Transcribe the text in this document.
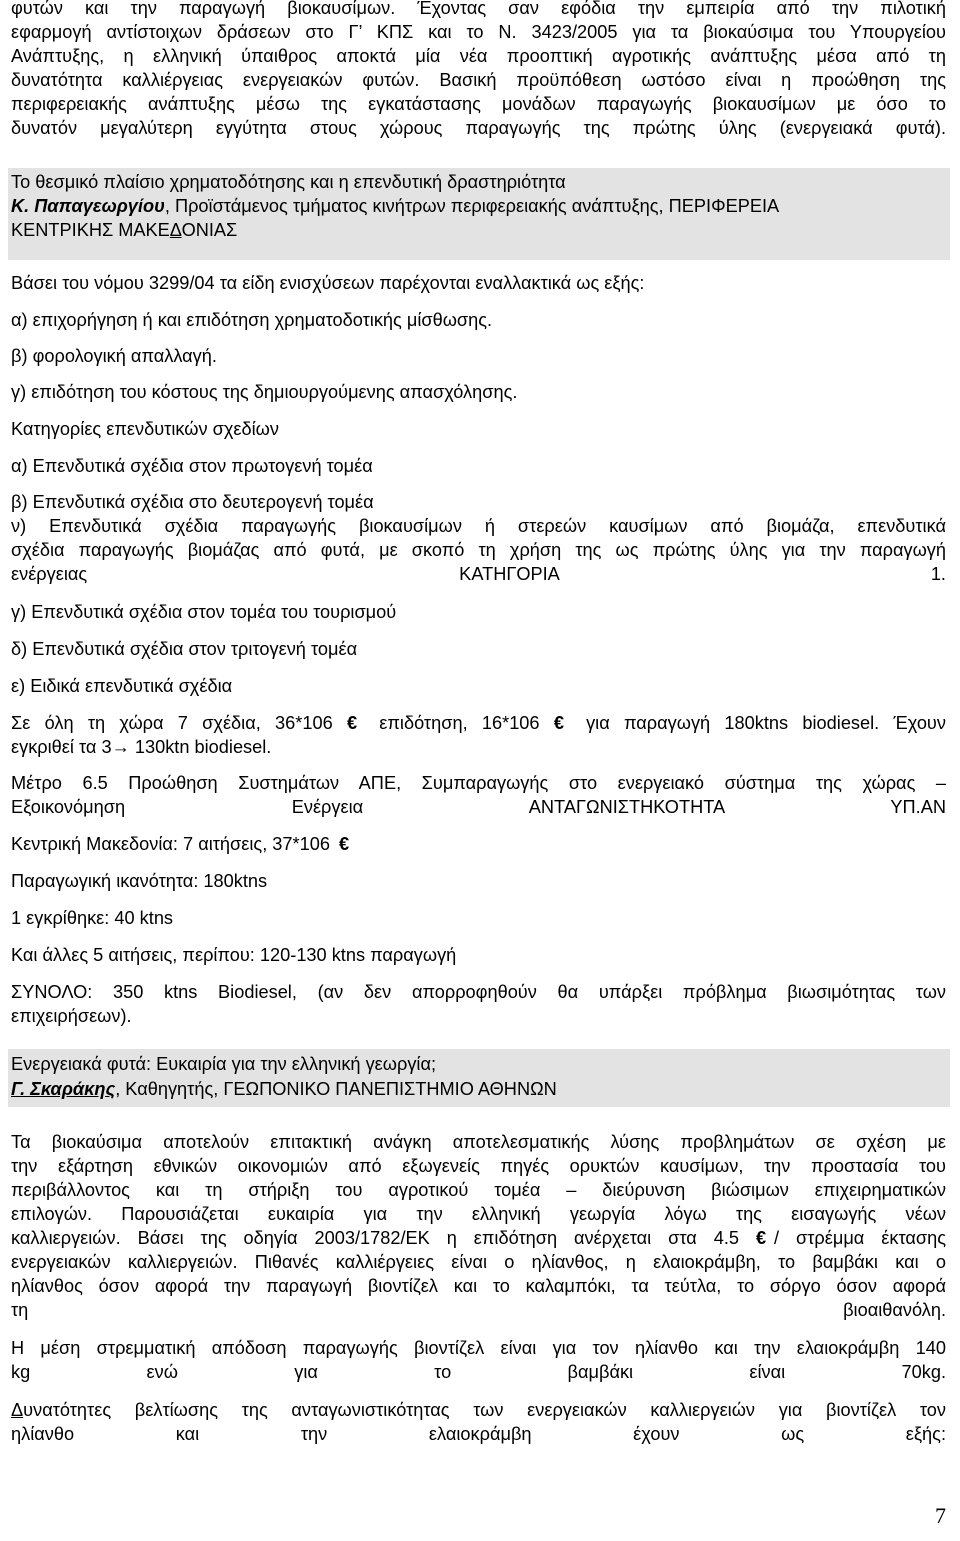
φυτών και την παραγωγή βιοκαυσίμων. Έχοντας σαν εφόδια την εμπειρία από την πιλοτική
εφαρμογή αντίστοιχων δράσεων στο Γ’ ΚΠΣ και το Ν. 3423/2005 για τα βιοκαύσιμα του Υπουργείου
Ανάπτυξης, η ελληνική ύπαιθρος αποκτά μία νέα προοπτική αγροτικής ανάπτυξης μέσα από τη
δυνατότητα καλλιέργειας ενεργειακών φυτών. Βασική προϋπόθεση ωστόσο είναι η προώθηση της
περιφερειακής ανάπτυξης μέσω της εγκατάστασης μονάδων παραγωγής βιοκαυσίμων με όσο το
δυνατόν μεγαλύτερη εγγύτητα στους χώρους παραγωγής της πρώτης ύλης (ενεργειακά φυτά).

Το θεσμικό πλαίσιο χρηματοδότησης και η επενδυτική δραστηριότητα

Κ. Παπαγεωργίου, Προϊστάμενος τμήματος κινήτρων περιφερειακής ανάπτυξης, ΠΕΡΙΦΕΡΕΙΑ
ΚΕΝΤΡΙΚΗΣ ΜΑΚΕΔΟΝΙΑΣ

Βάσει του νόμου 3299/04 τα είδη ενισχύσεων παρέχονται εναλλακτικά ως εξής:

α) επιχορήγηση ή και επιδότηση χρηματοδοτικής μίσθωσης.

β) φορολογική απαλλαγή.

γ) επιδότηση του κόστους της δημιουργούμενης απασχόλησης.

Κατηγορίες επενδυτικών σχεδίων

α) Επενδυτικά σχέδια στον πρωτογενή τομέα

β) Επενδυτικά σχέδια στο δευτερογενή τομέα

ν) Επενδυτικά σχέδια παραγωγής βιοκαυσίμων ή στερεών καυσίμων από βιομάζα, επενδυτικά
σχέδια παραγωγής βιομάζας από φυτά, με σκοπό τη χρήση της ως πρώτης ύλης για την παραγωγή
ενέργειας ΚΑΤΗΓΟΡΙΑ 1.

γ) Επενδυτικά σχέδια στον τομέα του τουρισμού

δ) Επενδυτικά σχέδια στον τριτογενή τομέα

ε) Ειδικά επενδυτικά σχέδια

Σε όλη τη χώρα 7 σχέδια, 36*106 € επιδότηση, 16*106 € για παραγωγή 180ktns biodiesel. Έχουν
εγκριθεί τα 3→ 130ktn biodiesel.

Μέτρο 6.5 Προώθηση Συστημάτων ΑΠΕ, Συμπαραγωγής στο ενεργειακό σύστημα της χώρας –
Εξοικονόμηση Ενέργεια ΑΝΤΑΓΩΝΙΣΤΗΚΟΤΗΤΑ ΥΠ.ΑΝ

Κεντρική Μακεδονία: 7 αιτήσεις, 37*106 €

Παραγωγική ικανότητα: 180ktns

1 εγκρίθηκε: 40 ktns

Και άλλες 5 αιτήσεις, περίπου: 120-130 ktns παραγωγή

ΣΥΝΟΛΟ: 350 ktns Biodiesel, (αν δεν απορροφηθούν θα υπάρξει πρόβλημα βιωσιμότητας των
επιχειρήσεων).

Ενεργειακά φυτά: Ευκαιρία για την ελληνική γεωργία;

Γ. Σκαράκης, Καθηγητής, ΓΕΩΠΟΝΙΚΟ ΠΑΝΕΠΙΣΤΗΜΙΟ ΑΘΗΝΩΝ

Τα βιοκαύσιμα αποτελούν επιτακτική ανάγκη αποτελεσματικής λύσης προβλημάτων σε σχέση με
την εξάρτηση εθνικών οικονομιών από εξωγενείς πηγές ορυκτών καυσίμων, την προστασία του
περιβάλλοντος και τη στήριξη του αγροτικού τομέα – διεύρυνση βιώσιμων επιχειρηματικών
επιλογών. Παρουσιάζεται ευκαιρία για την ελληνική γεωργία λόγω της εισαγωγής νέων
καλλιεργειών. Βάσει της οδηγία 2003/1782/ΕΚ η επιδότηση ανέρχεται στα 4.5 € / στρέμμα έκτασης
ενεργειακών καλλιεργειών. Πιθανές καλλιέργειες είναι ο ηλίανθος, η ελαιοκράμβη, το βαμβάκι και ο
ηλίανθος όσον αφορά την παραγωγή βιοντίζελ και το καλαμπόκι, τα τεύτλα, το σόργο όσον αφορά
τη βιοαιθανόλη.

Η μέση στρεμματική απόδοση παραγωγής βιοντίζελ είναι για τον ηλίανθο και την ελαιοκράμβη 140
kg ενώ για το βαμβάκι είναι 70kg.

Δυνατότητες βελτίωσης της ανταγωνιστικότητας των ενεργειακών καλλιεργειών για βιοντίζελ τον
ηλίανθο και την ελαιοκράμβη έχουν ως εξής:

7
